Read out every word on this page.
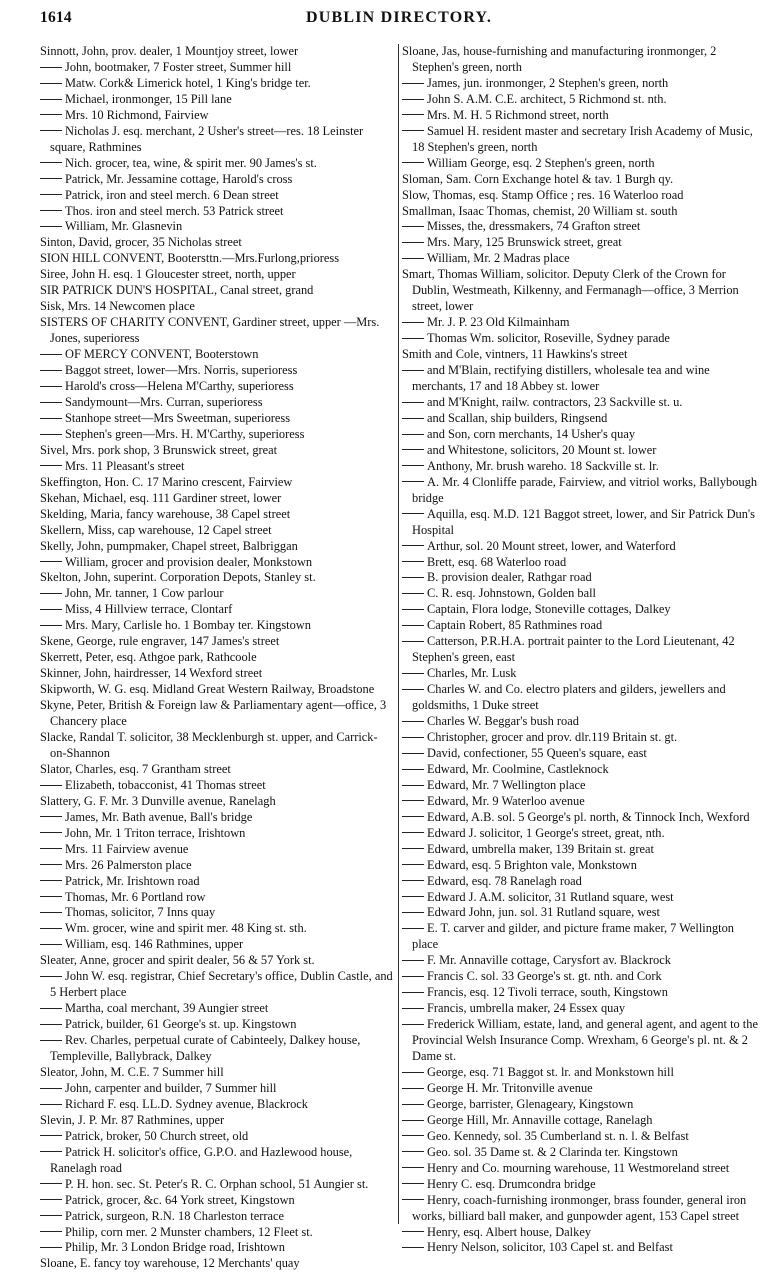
1614	DUBLIN DIRECTORY.
Sinnott, John, prov. dealer, 1 Mountjoy street, lower
John, bootmaker, 7 Foster street, Summer hill
Matw. Cork& Limerick hotel, 1 King's bridge ter.
Michael, ironmonger, 15 Pill lane
Mrs. 10 Richmond, Fairview
Nicholas J. esq. merchant, 2 Usher's street—res. 18 Leinster square, Rathmines
Nich. grocer, tea, wine, & spirit mer. 90 James's st.
Patrick, Mr. Jessamine cottage, Harold's cross
Patrick, iron and steel merch. 6 Dean street
Thos. iron and steel merch. 53 Patrick street
William, Mr. Glasnevin
Sinton, David, grocer, 35 Nicholas street
SION HILL CONVENT, Bootersttn.—Mrs.Furlong,prioress
Siree, John H. esq. 1 Gloucester street, north, upper
SIR PATRICK DUN'S HOSPITAL, Canal street, grand
Sisk, Mrs. 14 Newcomen place
SISTERS OF CHARITY CONVENT, Gardiner street, upper —Mrs. Jones, superioress
OF MERCY CONVENT, Booterstown
Baggot street, lower—Mrs. Norris, superioress
Harold's cross—Helena M'Carthy, superioress
Sandymount—Mrs. Curran, superioress
Stanhope street—Mrs Sweetman, superioress
Stephen's green—Mrs. H. M'Carthy, superioress
Sivel, Mrs. pork shop, 3 Brunswick street, great
Mrs. 11 Pleasant's street
Skeffington, Hon. C. 17 Marino crescent, Fairview
Skehan, Michael, esq. 111 Gardiner street, lower
Skelding, Maria, fancy warehouse, 38 Capel street
Skellern, Miss, cap warehouse, 12 Capel street
Skelly, John, pumpmaker, Chapel street, Balbriggan
William, grocer and provision dealer, Monkstown
Skelton, John, superint. Corporation Depots, Stanley st.
John, Mr. tanner, 1 Cow parlour
Miss, 4 Hillview terrace, Clontarf
Mrs. Mary, Carlisle ho. 1 Bombay ter. Kingstown
Skene, George, rule engraver, 147 James's street
Skerrett, Peter, esq. Athgoe park, Rathcoole
Skinner, John, hairdresser, 14 Wexford street
Skipworth, W. G. esq. Midland Great Western Railway, Broadstone
Skyne, Peter, British & Foreign law & Parliamentary agent—office, 3 Chancery place
Slacke, Randal T. solicitor, 38 Mecklenburgh st. upper, and Carrick-on-Shannon
Slator, Charles, esq. 7 Grantham street
Elizabeth, tobacconist, 41 Thomas street
Slattery, G. F. Mr. 3 Dunville avenue, Ranelagh
James, Mr. Bath avenue, Ball's bridge
John, Mr. 1 Triton terrace, Irishtown
Mrs. 11 Fairview avenue
Mrs. 26 Palmerston place
Patrick, Mr. Irishtown road
Thomas, Mr. 6 Portland row
Thomas, solicitor, 7 Inns quay
Wm. grocer, wine and spirit mer. 48 King st. sth.
William, esq. 146 Rathmines, upper
Sleater, Anne, grocer and spirit dealer, 56 & 57 York st.
John W. esq. registrar, Chief Secretary's office, Dublin Castle, and 5 Herbert place
Martha, coal merchant, 39 Aungier street
Patrick, builder, 61 George's st. up. Kingstown
Rev. Charles, perpetual curate of Cabinteely, Dalkey house, Templeville, Ballybrack, Dalkey
Sleator, John, M. C.E. 7 Summer hill
John, carpenter and builder, 7 Summer hill
Richard F. esq. LL.D. Sydney avenue, Blackrock
Slevin, J. P. Mr. 87 Rathmines, upper
Patrick, broker, 50 Church street, old
Patrick H. solicitor's office, G.P.O. and Hazlewood house, Ranelagh road
P. H. hon. sec. St. Peter's R. C. Orphan school, 51 Aungier st.
Patrick, grocer, &c. 64 York street, Kingstown
Patrick, surgeon, R.N. 18 Charleston terrace
Philip, corn mer. 2 Munster chambers, 12 Fleet st.
Philip, Mr. 3 London Bridge road, Irishtown
Sloane, E. fancy toy warehouse, 12 Merchants' quay
Sloane, Jas, house-furnishing and manufacturing ironmonger, 2 Stephen's green, north
James, jun. ironmonger, 2 Stephen's green, north
John S. A.M. C.E. architect, 5 Richmond st. nth.
Mrs. M. H. 5 Richmond street, north
Samuel H. resident master and secretary Irish Academy of Music, 18 Stephen's green, north
William George, esq. 2 Stephen's green, north
Sloman, Sam. Corn Exchange hotel & tav. 1 Burgh qy.
Slow, Thomas, esq. Stamp Office ; res. 16 Waterloo road
Smallman, Isaac Thomas, chemist, 20 William st. south
Misses, the, dressmakers, 74 Grafton street
Mrs. Mary, 125 Brunswick street, great
William, Mr. 2 Madras place
Smart, Thomas William, solicitor. Deputy Clerk of the Crown for Dublin, Westmeath, Kilkenny, and Fermanagh—office, 3 Merrion street, lower
Mr. J. P. 23 Old Kilmainham
Thomas Wm. solicitor, Roseville, Sydney parade
Smith and Cole, vintners, 11 Hawkins's street
and M'Blain, rectifying distillers, wholesale tea and wine merchants, 17 and 18 Abbey st. lower
and M'Knight, railw. contractors, 23 Sackville st. u.
and Scallan, ship builders, Ringsend
and Son, corn merchants, 14 Usher's quay
and Whitestone, solicitors, 20 Mount st. lower
Anthony, Mr. brush wareho. 18 Sackville st. lr.
A. Mr. 4 Clonliffe parade, Fairview, and vitriol works, Ballybough bridge
Aquilla, esq. M.D. 121 Baggot street, lower, and Sir Patrick Dun's Hospital
Arthur, sol. 20 Mount street, lower, and Waterford
Brett, esq. 68 Waterloo road
B. provision dealer, Rathgar road
C. R. esq. Johnstown, Golden ball
Captain, Flora lodge, Stoneville cottages, Dalkey
Captain Robert, 85 Rathmines road
Catterson, P.R.H.A. portrait painter to the Lord Lieutenant, 42 Stephen's green, east
Charles, Mr. Lusk
Charles W. and Co. electro platers and gilders, jewellers and goldsmiths, 1 Duke street
Charles W. Beggar's bush road
Christopher, grocer and prov. dlr.119 Britain st. gt.
David, confectioner, 55 Queen's square, east
Edward, Mr. Coolmine, Castleknock
Edward, Mr. 7 Wellington place
Edward, Mr. 9 Waterloo avenue
Edward, A.B. sol. 5 George's pl. north, & Tinnock Inch, Wexford
Edward J. solicitor, 1 George's street, great, nth.
Edward, umbrella maker, 139 Britain st. great
Edward, esq. 5 Brighton vale, Monkstown
Edward, esq. 78 Ranelagh road
Edward J. A.M. solicitor, 31 Rutland square, west
Edward John, jun. sol. 31 Rutland square, west
E. T. carver and gilder, and picture frame maker, 7 Wellington place
F. Mr. Annaville cottage, Carysfort av. Blackrock
Francis C. sol. 33 George's st. gt. nth. and Cork
Francis, esq. 12 Tivoli terrace, south, Kingstown
Francis, umbrella maker, 24 Essex quay
Frederick William, estate, land, and general agent, and agent to the Provincial Welsh Insurance Comp. Wrexham, 6 George's pl. nt. & 2 Dame st.
George, esq. 71 Baggot st. lr. and Monkstown hill
George H. Mr. Tritonville avenue
George, barrister, Glenageary, Kingstown
George Hill, Mr. Annaville cottage, Ranelagh
Geo. Kennedy, sol. 35 Cumberland st. n. l. & Belfast
Geo. sol. 35 Dame st. & 2 Clarinda ter. Kingstown
Henry and Co. mourning warehouse, 11 Westmoreland street
Henry C. esq. Drumcondra bridge
Henry, coach-furnishing ironmonger, brass founder, general iron works, billiard ball maker, and gunpowder agent, 153 Capel street
Henry, esq. Albert house, Dalkey
Henry Nelson, solicitor, 103 Capel st. and Belfast
